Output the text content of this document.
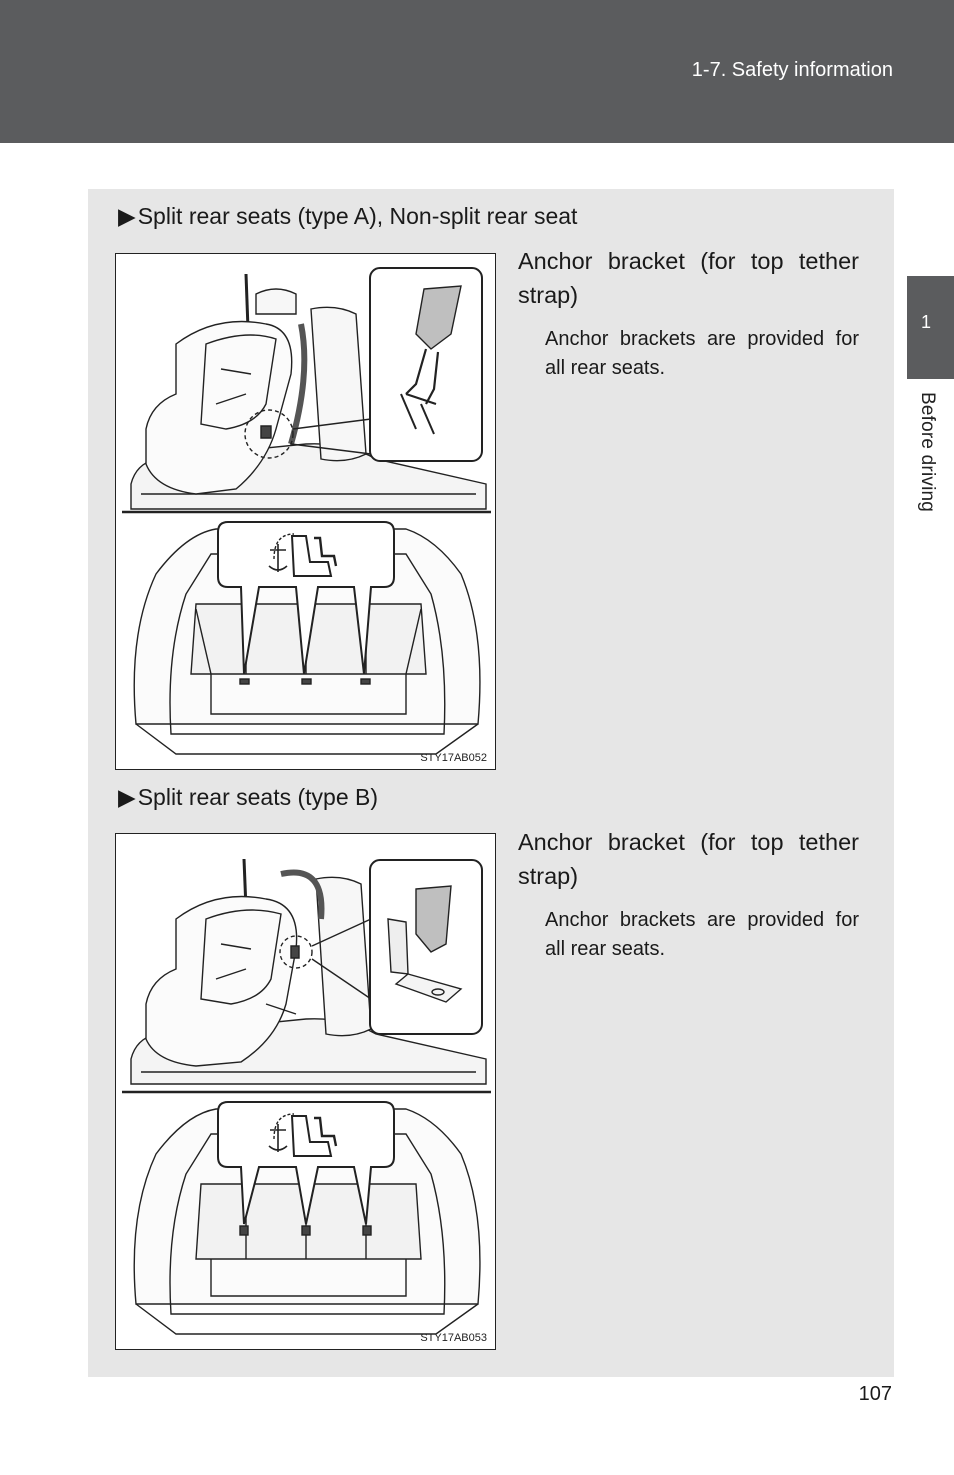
1-7. Safety information
1
Before driving
▶Split rear seats (type A), Non-split rear seat
STY17AB052

Anchor bracket (for top tether strap)

Anchor brackets are provided for all rear seats.

▶Split rear seats (type B)
STY17AB053

Anchor bracket (for top tether strap)

Anchor brackets are provided for all rear seats.

107
